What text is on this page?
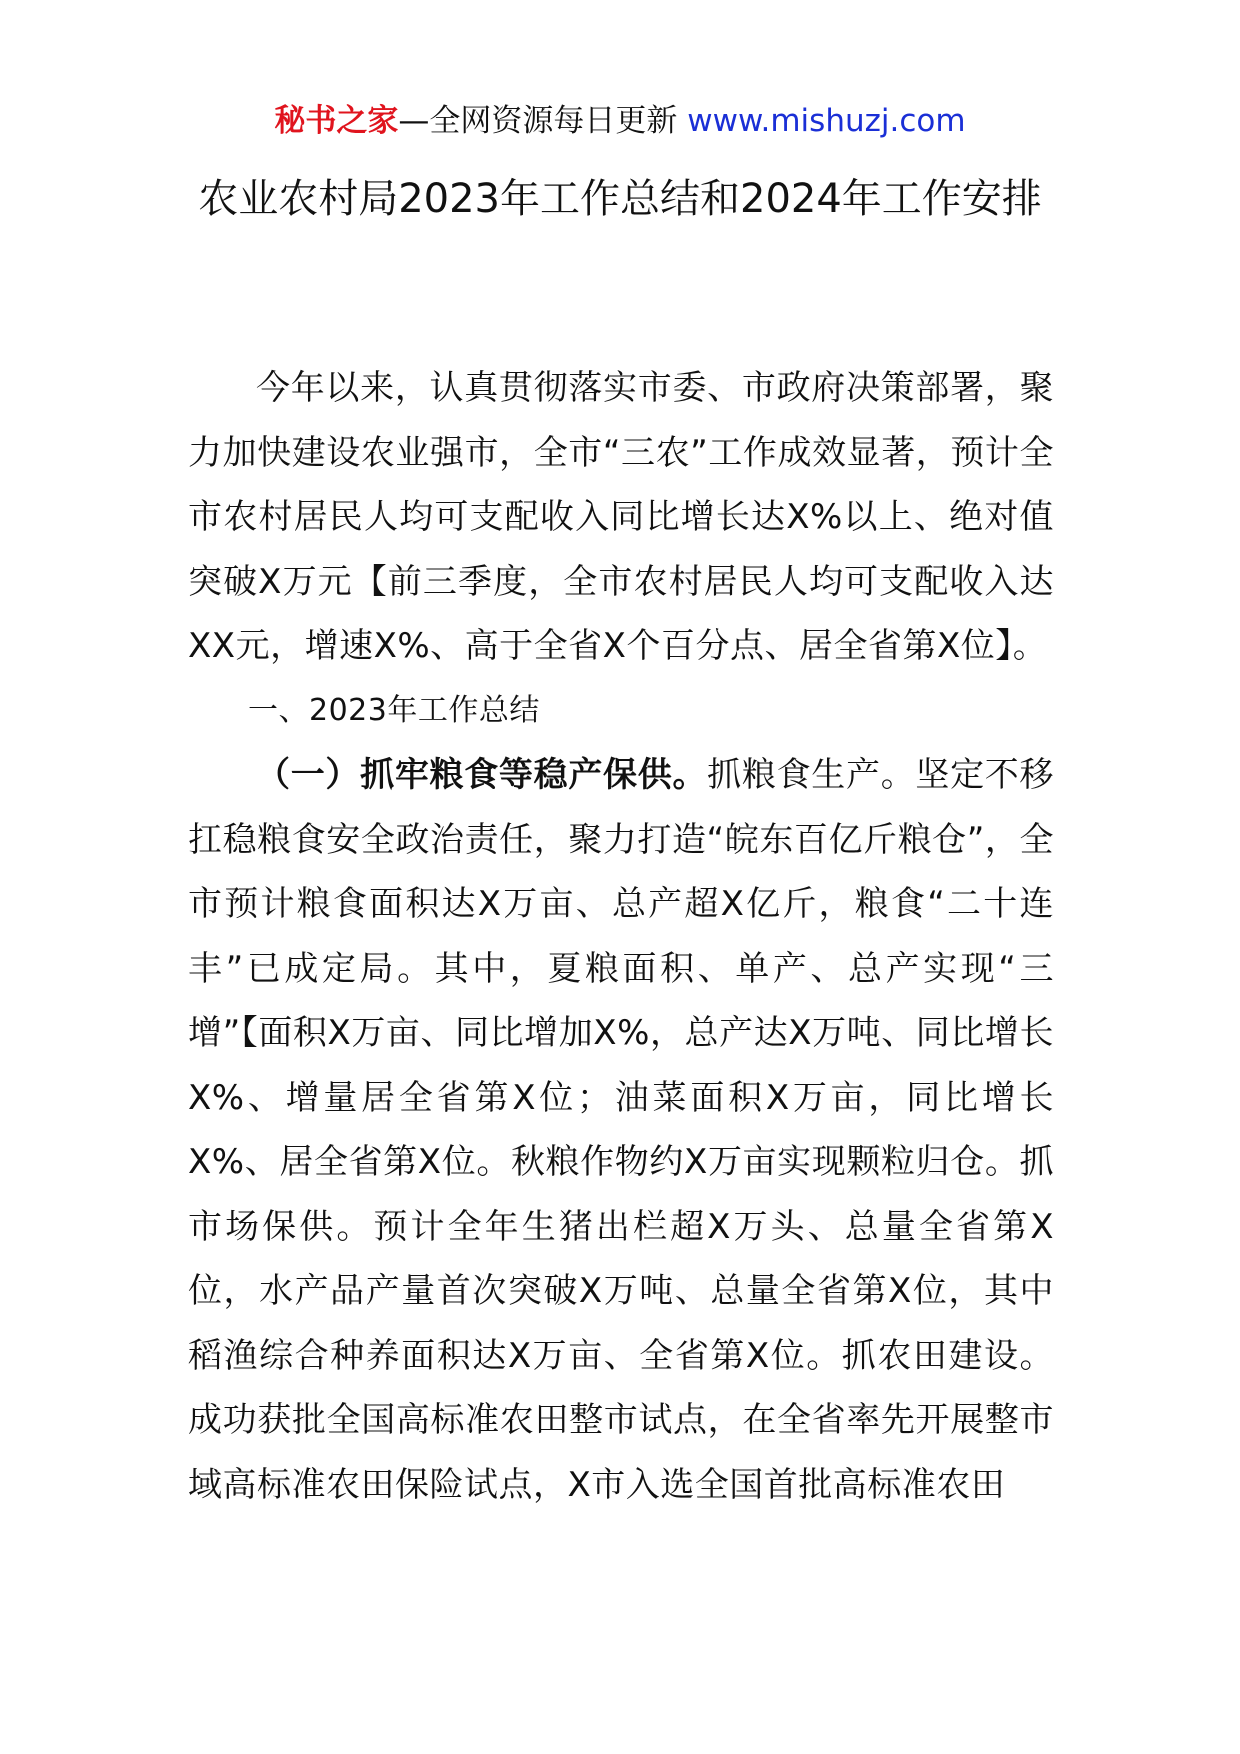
秘书之家—全网资源每日更新 www.mishuzj.com
农业农村局2023年工作总结和2024年工作安排

今年以来，认真贯彻落实市委、市政府决策部署，聚力加快建设农业强市，全市“三农”工作成效显著，预计全市农村居民人均可支配收入同比增长达X%以上、绝对值突破X万元【前三季度，全市农村居民人均可支配收入达XX元，增速X%、高于全省X个百分点、居全省第X位】。

一、2023年工作总结

（一）抓牢粮食等稳产保供。抓粮食生产。坚定不移扛稳粮食安全政治责任，聚力打造“皖东百亿斤粮仓”，全市预计粮食面积达X万亩、总产超X亿斤，粮食“二十连丰”已成定局。其中，夏粮面积、单产、总产实现“三增”【面积X万亩、同比增加X%，总产达X万吨、同比增长X%、增量居全省第X位；油菜面积X万亩，同比增长X%、居全省第X位。秋粮作物约X万亩实现颗粒归仓。抓市场保供。预计全年生猪出栏超X万头、总量全省第X位，水产品产量首次突破X万吨、总量全省第X位，其中稻渔综合种养面积达X万亩、全省第X位。抓农田建设。成功获批全国高标准农田整市试点，在全省率先开展整市域高标准农田保险试点，X市入选全国首批高标准农田
